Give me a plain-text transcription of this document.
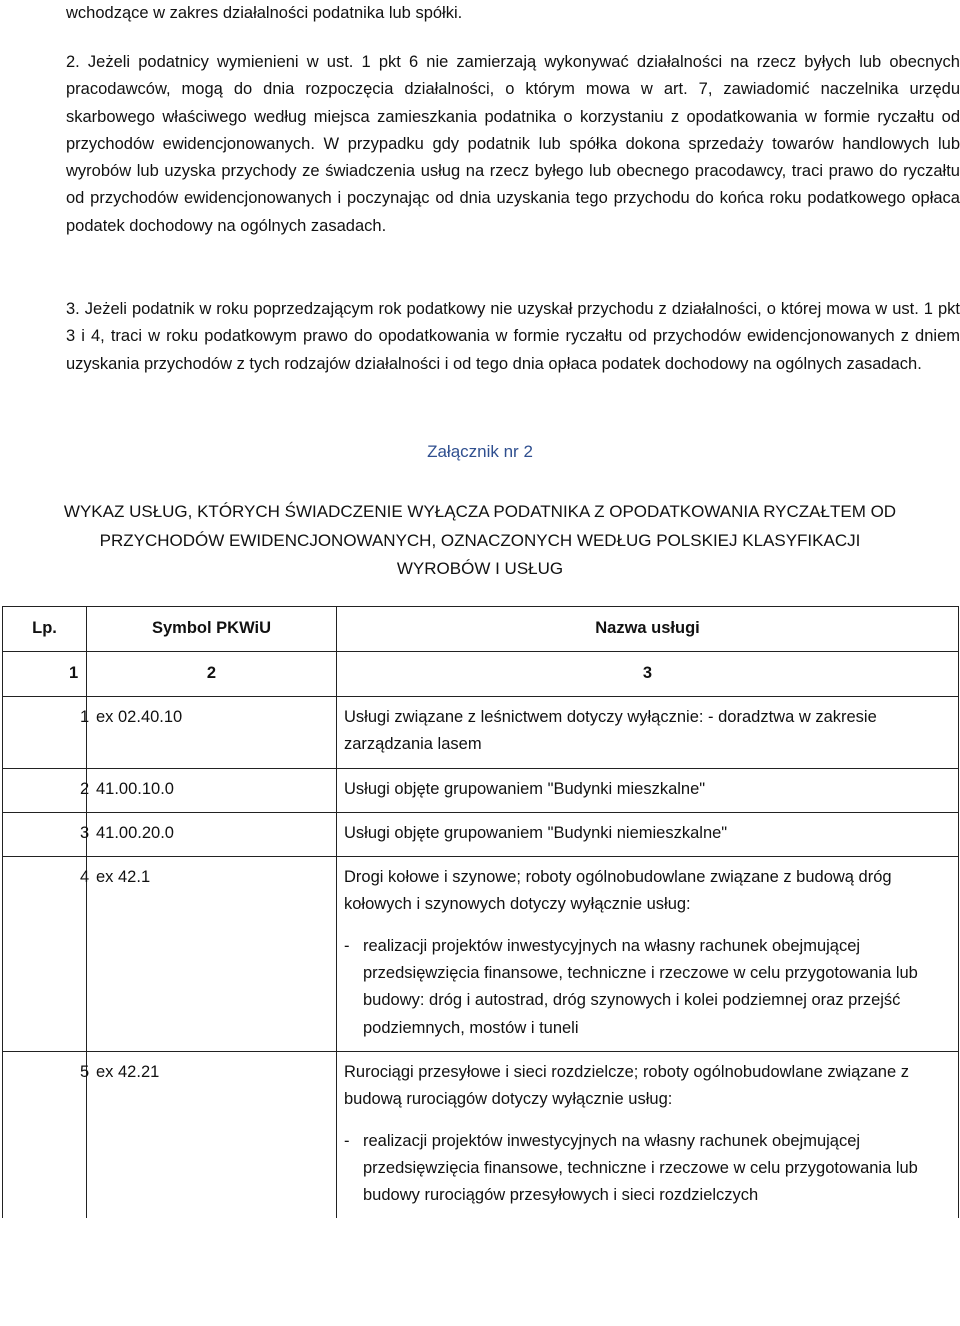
wchodzące w zakres działalności podatnika lub spółki.

2. Jeżeli podatnicy wymienieni w ust. 1 pkt 6 nie zamierzają wykonywać działalności na rzecz byłych lub obecnych pracodawców, mogą do dnia rozpoczęcia działalności, o którym mowa w art. 7, zawiadomić naczelnika urzędu skarbowego właściwego według miejsca zamieszkania podatnika o korzystaniu z opodatkowania w formie ryczałtu od przychodów ewidencjonowanych. W przypadku gdy podatnik lub spółka dokona sprzedaży towarów handlowych lub wyrobów lub uzyska przychody ze świadczenia usług na rzecz byłego lub obecnego pracodawcy, traci prawo do ryczałtu od przychodów ewidencjonowanych i poczynając od dnia uzyskania tego przychodu do końca roku podatkowego opłaca podatek dochodowy na ogólnych zasadach.

3. Jeżeli podatnik w roku poprzedzającym rok podatkowy nie uzyskał przychodu z działalności, o której mowa w ust. 1 pkt 3 i 4, traci w roku podatkowym prawo do opodatkowania w formie ryczałtu od przychodów ewidencjonowanych z dniem uzyskania przychodów z tych rodzajów działalności i od tego dnia opłaca podatek dochodowy na ogólnych zasadach.

Załącznik nr 2
WYKAZ USŁUG, KTÓRYCH ŚWIADCZENIE WYŁĄCZA PODATNIKA Z OPODATKOWANIA RYCZAŁTEM OD
PRZYCHODÓW EWIDENCJONOWANYCH, OZNACZONYCH WEDŁUG POLSKIEJ KLASYFIKACJI
WYROBÓW I USŁUG
Lp.	Symbol PKWiU	Nazwa usługi
1	2	3
1	ex 02.40.10	Usługi związane z leśnictwem dotyczy wyłącznie: - doradztwa w zakresie zarządzania lasem
2	41.00.10.0	Usługi objęte grupowaniem "Budynki mieszkalne"
3	41.00.20.0	Usługi objęte grupowaniem "Budynki niemieszkalne"
4	ex 42.1	Drogi kołowe i szynowe; roboty ogólnobudowlane związane z budową dróg kołowych i szynowych dotyczy wyłącznie usług:
- realizacji projektów inwestycyjnych na własny rachunek obejmującej przedsięwzięcia finansowe, techniczne i rzeczowe w celu przygotowania lub budowy: dróg i autostrad, dróg szynowych i kolei podziemnej oraz przejść podziemnych, mostów i tuneli

5	ex 42.21	Rurociągi przesyłowe i sieci rozdzielcze; roboty ogólnobudowlane związane z budową rurociągów dotyczy wyłącznie usług:
- realizacji projektów inwestycyjnych na własny rachunek obejmującej przedsięwzięcia finansowe, techniczne i rzeczowe w celu przygotowania lub budowy rurociągów przesyłowych i sieci rozdzielczych
